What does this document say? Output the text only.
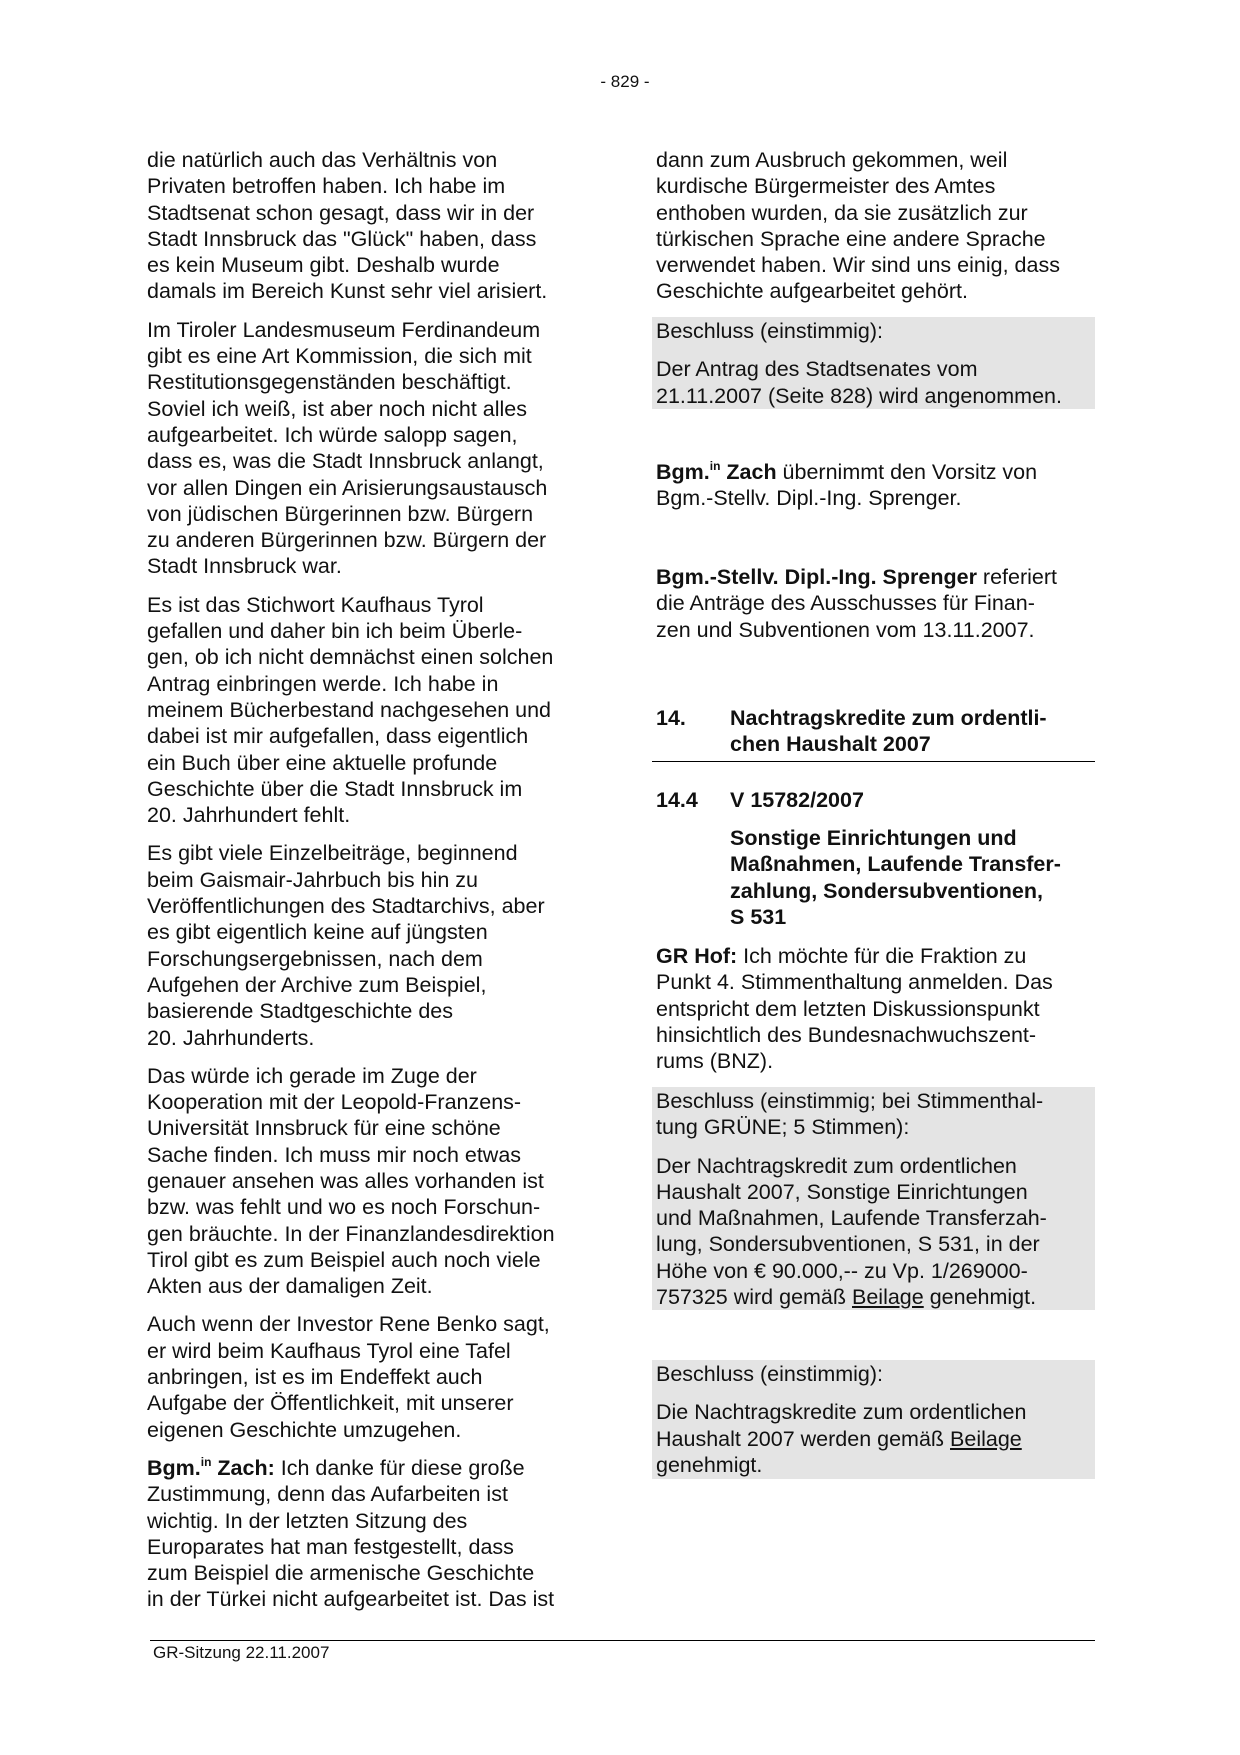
- 829 -
die natürlich auch das Verhältnis von
Privaten betroffen haben. Ich habe im
Stadtsenat schon gesagt, dass wir in der
Stadt Innsbruck das "Glück" haben, dass
es kein Museum gibt. Deshalb wurde
damals im Bereich Kunst sehr viel arisiert.
Im Tiroler Landesmuseum Ferdinandeum
gibt es eine Art Kommission, die sich mit
Restitutionsgegenständen beschäftigt.
Soviel ich weiß, ist aber noch nicht alles
aufgearbeitet. Ich würde salopp sagen,
dass es, was die Stadt Innsbruck anlangt,
vor allen Dingen ein Arisierungsaustausch
von jüdischen Bürgerinnen bzw. Bürgern
zu anderen Bürgerinnen bzw. Bürgern der
Stadt Innsbruck war.
Es ist das Stichwort Kaufhaus Tyrol
gefallen und daher bin ich beim Überle-
gen, ob ich nicht demnächst einen solchen
Antrag einbringen werde. Ich habe in
meinem Bücherbestand nachgesehen und
dabei ist mir aufgefallen, dass eigentlich
ein Buch über eine aktuelle profunde
Geschichte über die Stadt Innsbruck im
20. Jahrhundert fehlt.
Es gibt viele Einzelbeiträge, beginnend
beim Gaismair-Jahrbuch bis hin zu
Veröffentlichungen des Stadtarchivs, aber
es gibt eigentlich keine auf jüngsten
Forschungsergebnissen, nach dem
Aufgehen der Archive zum Beispiel,
basierende Stadtgeschichte des
20. Jahrhunderts.
Das würde ich gerade im Zuge der
Kooperation mit der Leopold-Franzens-
Universität Innsbruck für eine schöne
Sache finden. Ich muss mir noch etwas
genauer ansehen was alles vorhanden ist
bzw. was fehlt und wo es noch Forschun-
gen bräuchte. In der Finanzlandesdirektion
Tirol gibt es zum Beispiel auch noch viele
Akten aus der damaligen Zeit.
Auch wenn der Investor Rene Benko sagt,
er wird beim Kaufhaus Tyrol eine Tafel
anbringen, ist es im Endeffekt auch
Aufgabe der Öffentlichkeit, mit unserer
eigenen Geschichte umzugehen.
Bgm.$^{in}$ Zach: Ich danke für diese große
Zustimmung, denn das Aufarbeiten ist
wichtig. In der letzten Sitzung des
Europarates hat man festgestellt, dass
zum Beispiel die armenische Geschichte
in der Türkei nicht aufgearbeitet ist. Das ist
dann zum Ausbruch gekommen, weil
kurdische Bürgermeister des Amtes
enthoben wurden, da sie zusätzlich zur
türkischen Sprache eine andere Sprache
verwendet haben. Wir sind uns einig, dass
Geschichte aufgearbeitet gehört.
Beschluss (einstimmig):
Der Antrag des Stadtsenates vom
21.11.2007 (Seite 828) wird angenommen.
Bgm.$^{in}$ Zach übernimmt den Vorsitz von
Bgm.-Stellv. Dipl.-Ing. Sprenger.
Bgm.-Stellv. Dipl.-Ing. Sprenger referiert
die Anträge des Ausschusses für Finan-
zen und Subventionen vom 13.11.2007.
14. Nachtragskredite zum ordentli-
chen Haushalt 2007
14.4 V 15782/2007
Sonstige Einrichtungen und
Maßnahmen, Laufende Transfer-
zahlung, Sondersubventionen,
S 531
GR Hof: Ich möchte für die Fraktion zu
Punkt 4. Stimmenthaltung anmelden. Das
entspricht dem letzten Diskussionspunkt
hinsichtlich des Bundesnachwuchszent-
rums (BNZ).
Beschluss (einstimmig; bei Stimmenthal-
tung GRÜNE; 5 Stimmen):
Der Nachtragskredit zum ordentlichen
Haushalt 2007, Sonstige Einrichtungen
und Maßnahmen, Laufende Transferzah-
lung, Sondersubventionen, S 531, in der
Höhe von € 90.000,-- zu Vp. 1/269000-
757325 wird gemäß Beilage genehmigt.
Beschluss (einstimmig):
Die Nachtragskredite zum ordentlichen
Haushalt 2007 werden gemäß Beilage
genehmigt.
GR-Sitzung 22.11.2007
